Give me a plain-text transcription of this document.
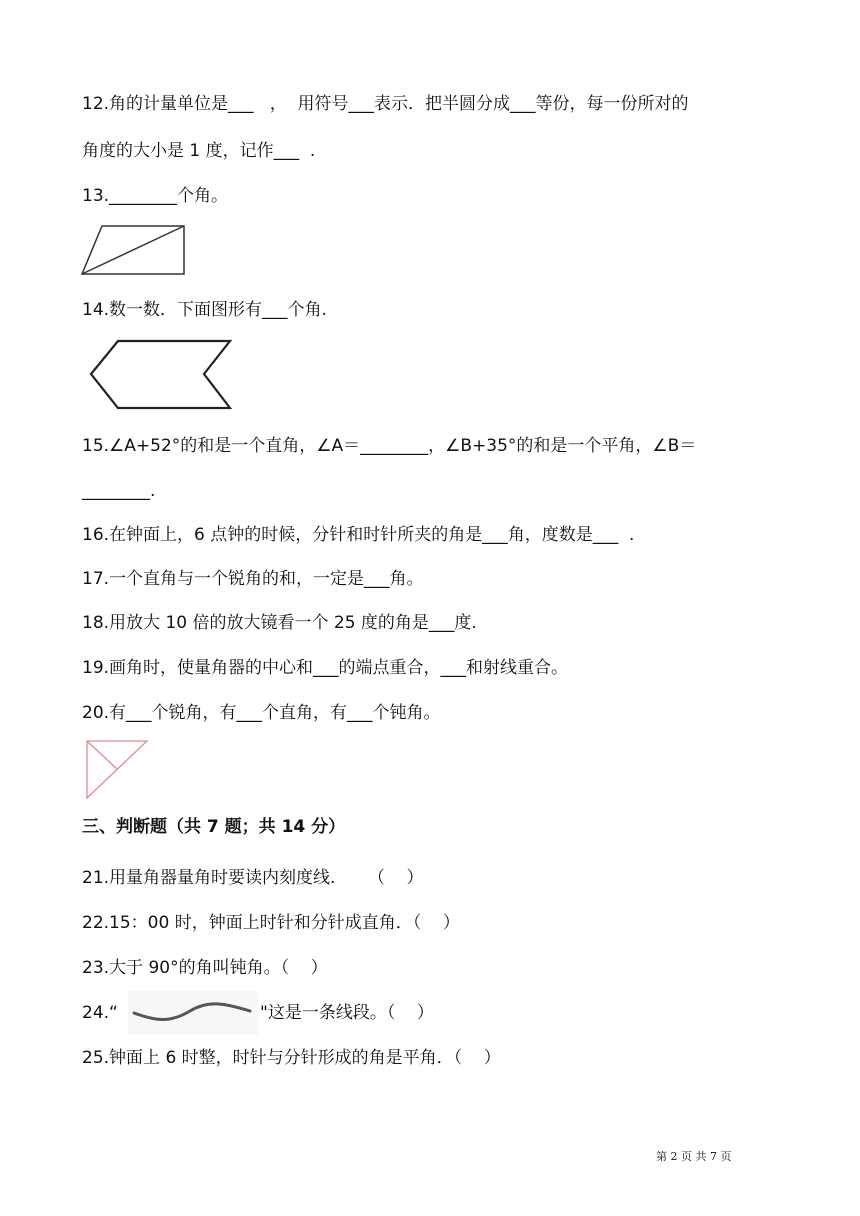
12.角的计量单位是___   ，  用符号___表示．把半圆分成___等份，每一份所对的
角度的大小是 1 度，记作___  .
13.________个角。
14.数一数．下面图形有___个角.
15.∠A+52°的和是一个直角，∠A＝________，∠B+35°的和是一个平角，∠B＝
________.
16.在钟面上，6 点钟的时候，分针和时针所夹的角是___角，度数是___  .
17.一个直角与一个锐角的和，一定是___角。
18.用放大 10 倍的放大镜看一个 25 度的角是___度.
19.画角时，使量角器的中心和___的端点重合，___和射线重合。
20.有___个锐角，有___个直角，有___个钝角。
三、判断题（共 7 题；共 14 分）
21.用量角器量角时要读内刻度线.      （    ）
22.15：00 时，钟面上时针和分针成直角．（    ）
23.大于 90°的角叫钝角。（    ）
24.“	"这是一条线段。（    ）
25.钟面上 6 时整，时针与分针形成的角是平角．（    ）
第 2 页 共 7 页
